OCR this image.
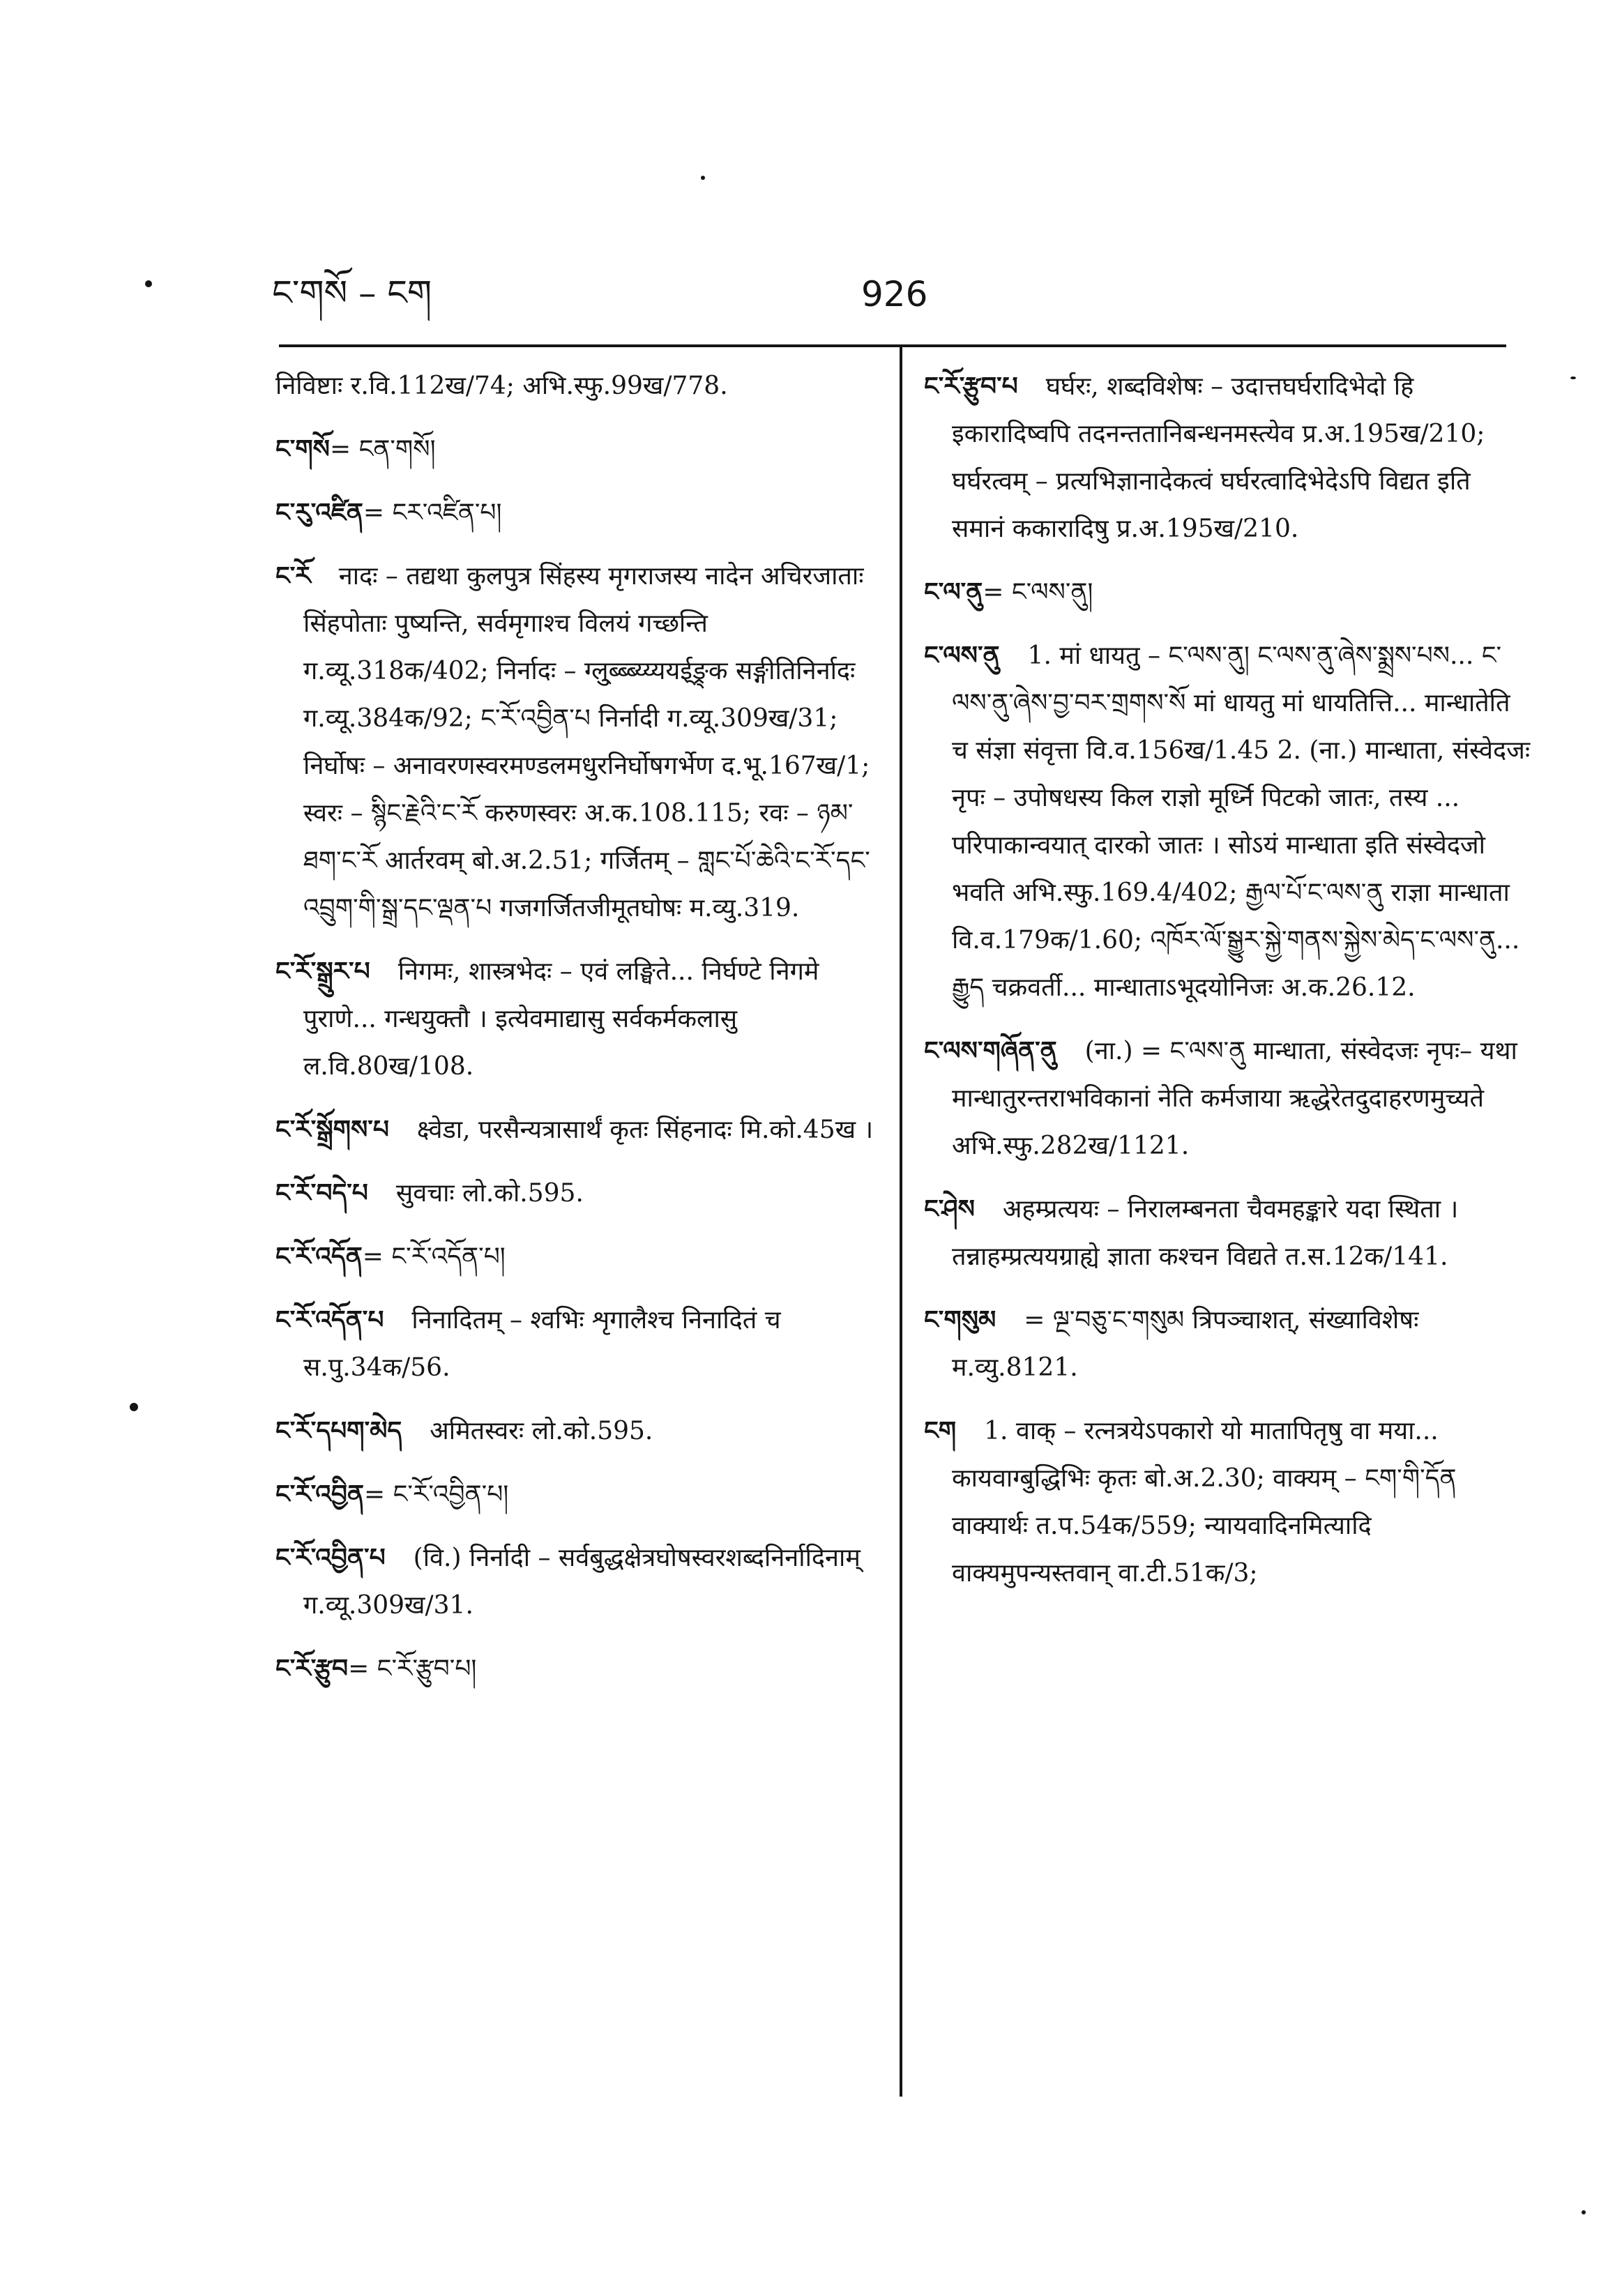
ང་གསོ – ངག	926
निविष्टाः र.वि.112ख/74; अभि.स्फु.99ख/778.
ང་གསོ= ངན་གསོ།
ང་རུ་འཛིན= ངར་འཛིན་པ།
ང་རོ नादः – तद्यथा कुलपुत्र सिंहस्य मृगराजस्य नादेन अचिरजाताः सिंहपोताः पुष्यन्ति, सर्वमृगाश्च विलयं गच्छन्ति ग.व्यू.318क/402; निर्नादः – ग्लु्ब्ब्ब्य्य्ययई्ङ्र्क सङ्गीतिनिर्नादः ग.व्यू.384क/92; ང་རོ་འབྱིན་པ निर्नादी ग.व्यू.309ख/31; निर्घोषः – अनावरणस्वरमण्डलमधुरनिर्घोषगर्भेण द.भू.167ख/1; स्वरः – སྙིང་རྗེའི་ང་རོ करुणस्वरः अ.क.108.115; रवः – ཉམ་ཐག་ང་རོ आर्तरवम् बो.अ.2.51; गर्जितम् – གླང་པོ་ཆེའི་ང་རོ་དང་འབྲུག་གི་སྒྲ་དང་ལྡན་པ गजगर्जितजीमूतघोषः म.व्यु.319.
ང་རོ་སྒྲུར་པ निगमः, शास्त्रभेदः – एवं लङ्घिते... निर्घण्टे निगमे पुराणे... गन्धयुक्तौ । इत्येवमाद्यासु सर्वकर्मकलासु ल.वि.80ख/108.
ང་རོ་སྒྲོགས་པ क्ष्वेडा, परसैन्यत्रासार्थं कृतः सिंहनादः मि.को.45ख ।
ང་རོ་བདེ་པ सुवचाः लो.को.595.
ང་རོ་འདོན= ང་རོ་འདོན་པ།
ང་རོ་འདོན་པ निनादितम् – श्वभिः शृगालैश्च निनादितं च स.पु.34क/56.
ང་རོ་དཔག་མེད अमितस्वरः लो.को.595.
ང་རོ་འབྱིན= ང་རོ་འབྱིན་པ།
ང་རོ་འབྱིན་པ (वि.) निर्नादी – सर्वबुद्धक्षेत्रघोषस्वरशब्दनिर्नादिनाम् ग.व्यू.309ख/31.
ང་རོ་རྩུབ= ང་རོ་རྩུབ་པ།
ང་རོ་རྩུབ་པ घर्घरः, शब्दविशेषः – उदात्तघर्घरादिभेदो हि इकारादिष्वपि तदनन्ततानिबन्धनमस्त्येव प्र.अ.195ख/210; घर्घरत्वम् – प्रत्यभिज्ञानादेकत्वं घर्घरत्वादिभेदेऽपि विद्यत इति समानं ककारादिषु प्र.अ.195ख/210.
ང་ལ་ནུ= ང་ལས་ནུ།
ང་ལས་ནུ 1. मां धायतु – ང་ལས་ནུ། ང་ལས་ནུ་ཞེས་སྨྲས་པས... ང་ལས་ནུ་ཞེས་བྱ་བར་གྲགས་སོ मां धायतु मां धायतित्ति... मान्धातेति च संज्ञा संवृत्ता वि.व.156ख/1.45 2. (ना.) मान्धाता, संस्वेदजः नृपः – उपोषधस्य किल राज्ञो मूर्ध्नि पिटको जातः, तस्य ... परिपाकान्वयात् दारको जातः । सोऽयं मान्धाता इति संस्वेदजो भवति अभि.स्फु.169.4/402; རྒྱལ་པོ་ང་ལས་ནུ राज्ञा मान्धाता वि.व.179क/1.60; འཁོར་ལོ་སྒྱུར་སྐྱེ་གནས་སྐྱེས་མེད་ང་ལས་ནུ... རྒྱུད चक्रवर्ती... मान्धाताऽभूदयोनिजः अ.क.26.12.
ང་ལས་གཞོན་ནུ (ना.) = ང་ལས་ནུ मान्धाता, संस्वेदजः नृपः– यथा मान्धातुरन्तराभविकानां नेति कर्मजाया ऋद्धेरेतदुदाहरणमुच्यते अभि.स्फु.282ख/1121.
ང་ཤེས अहम्प्रत्ययः – निरालम्बनता चैवमहङ्कारे यदा स्थिता । तन्नाहम्प्रत्ययग्राह्ये ज्ञाता कश्चन विद्यते त.स.12क/141.
ང་གསུམ = ལྔ་བཅུ་ང་གསུམ त्रिपञ्चाशत्, संख्याविशेषः म.व्यु.8121.
ངག 1. वाक् – रत्नत्रयेऽपकारो यो मातापितृषु वा मया... कायवाग्बुद्धिभिः कृतः बो.अ.2.30; वाक्यम् – ངག་གི་དོན वाक्यार्थः त.प.54क/559; न्यायवादिनमित्यादि वाक्यमुपन्यस्तवान् वा.टी.51क/3;
